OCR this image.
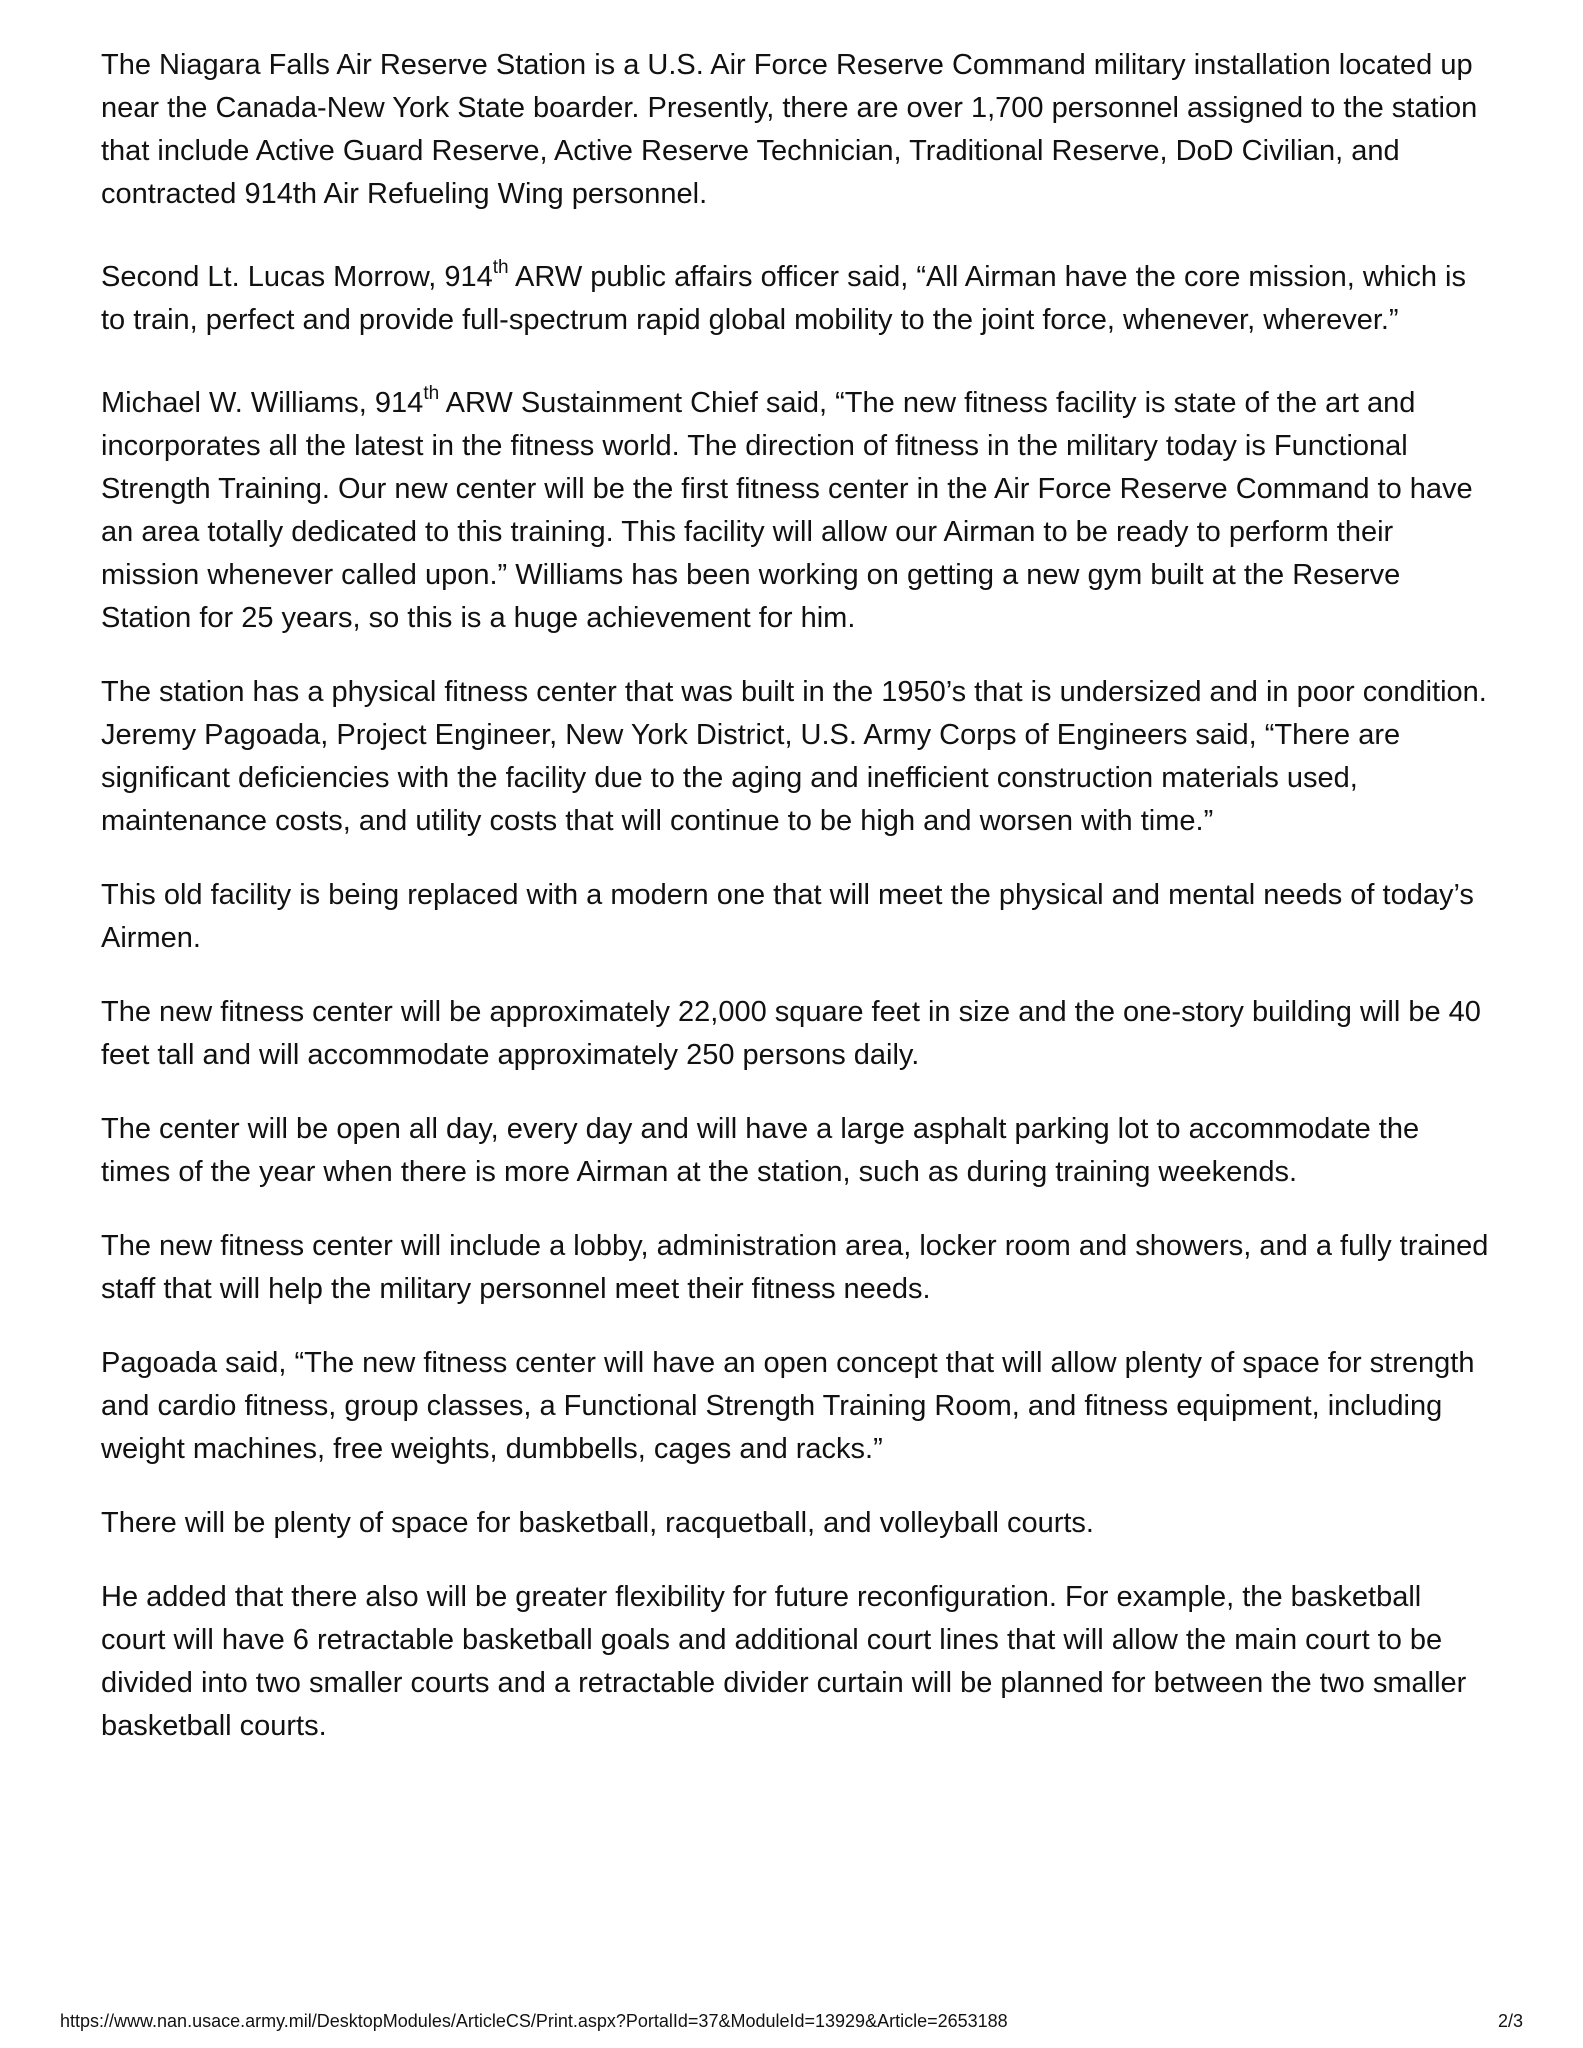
The Niagara Falls Air Reserve Station is a U.S. Air Force Reserve Command military installation located up near the Canada-New York State boarder. Presently, there are over 1,700 personnel assigned to the station that include Active Guard Reserve, Active Reserve Technician, Traditional Reserve, DoD Civilian, and contracted 914th Air Refueling Wing personnel.

Second Lt. Lucas Morrow, 914th ARW public affairs officer said, “All Airman have the core mission, which is to train, perfect and provide full-spectrum rapid global mobility to the joint force, whenever, wherever.”

Michael W. Williams, 914th ARW Sustainment Chief said, “The new fitness facility is state of the art and incorporates all the latest in the fitness world. The direction of fitness in the military today is Functional Strength Training. Our new center will be the first fitness center in the Air Force Reserve Command to have an area totally dedicated to this training. This facility will allow our Airman to be ready to perform their mission whenever called upon.” Williams has been working on getting a new gym built at the Reserve Station for 25 years, so this is a huge achievement for him.

The station has a physical fitness center that was built in the 1950’s that is undersized and in poor condition. Jeremy Pagoada, Project Engineer, New York District, U.S. Army Corps of Engineers said, “There are significant deficiencies with the facility due to the aging and inefficient construction materials used, maintenance costs, and utility costs that will continue to be high and worsen with time.”

This old facility is being replaced with a modern one that will meet the physical and mental needs of today’s Airmen.

The new fitness center will be approximately 22,000 square feet in size and the one-story building will be 40 feet tall and will accommodate approximately 250 persons daily.

The center will be open all day, every day and will have a large asphalt parking lot to accommodate the times of the year when there is more Airman at the station, such as during training weekends.

The new fitness center will include a lobby, administration area, locker room and showers, and a fully trained staff that will help the military personnel meet their fitness needs.

Pagoada said, “The new fitness center will have an open concept that will allow plenty of space for strength and cardio fitness, group classes, a Functional Strength Training Room, and fitness equipment, including weight machines, free weights, dumbbells, cages and racks.”

There will be plenty of space for basketball, racquetball, and volleyball courts.

He added that there also will be greater flexibility for future reconfiguration. For example, the basketball court will have 6 retractable basketball goals and additional court lines that will allow the main court to be divided into two smaller courts and a retractable divider curtain will be planned for between the two smaller basketball courts.

https://www.nan.usace.army.mil/DesktopModules/ArticleCS/Print.aspx?PortalId=37&ModuleId=13929&Article=2653188	2/3
